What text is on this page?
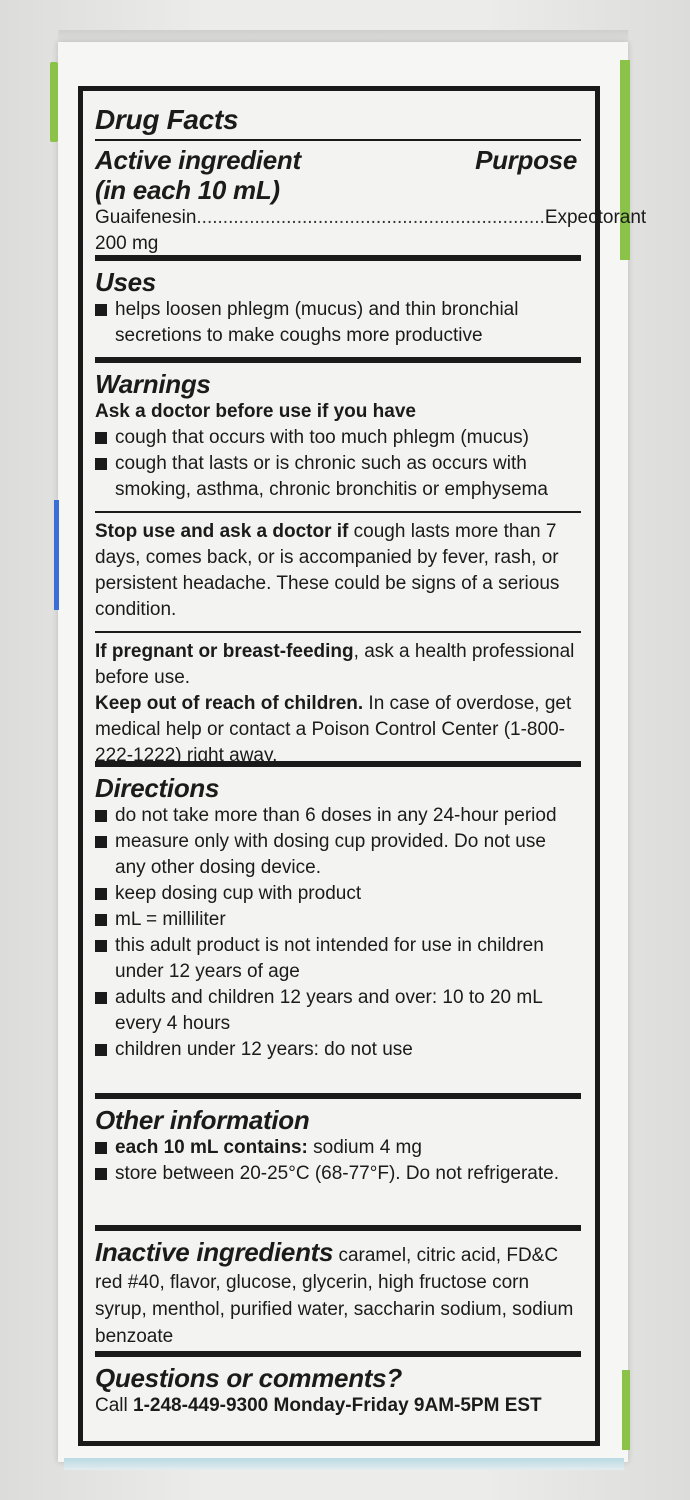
Drug Facts
Active ingredient
(in each 10 mL)
Purpose
Guaifenesin 200 mg
.................................................................. Expectorant
Uses
helps loosen phlegm (mucus) and thin bronchial secretions to make coughs more productive
Warnings
Ask a doctor before use if you have
cough that occurs with too much phlegm (mucus)
cough that lasts or is chronic such as occurs with smoking, asthma, chronic bronchitis or emphysema
Stop use and ask a doctor if cough lasts more than 7 days, comes back, or is accompanied by fever, rash, or persistent headache. These could be signs of a serious condition.
If pregnant or breast-feeding, ask a health professional before use.
Keep out of reach of children. In case of overdose, get medical help or contact a Poison Control Center (1-800-222-1222) right away.
Directions
do not take more than 6 doses in any 24-hour period
measure only with dosing cup provided. Do not use any other dosing device.
keep dosing cup with product
mL = milliliter
this adult product is not intended for use in children under 12 years of age
adults and children 12 years and over: 10 to 20 mL every 4 hours
children under 12 years: do not use
Other information
each 10 mL contains: sodium 4 mg
store between 20-25°C (68-77°F). Do not refrigerate.
Inactive ingredients caramel, citric acid, FD&C red #40, flavor, glucose, glycerin, high fructose corn syrup, menthol, purified water, saccharin sodium, sodium benzoate
Questions or comments?
Call 1-248-449-9300 Monday-Friday 9AM-5PM EST
